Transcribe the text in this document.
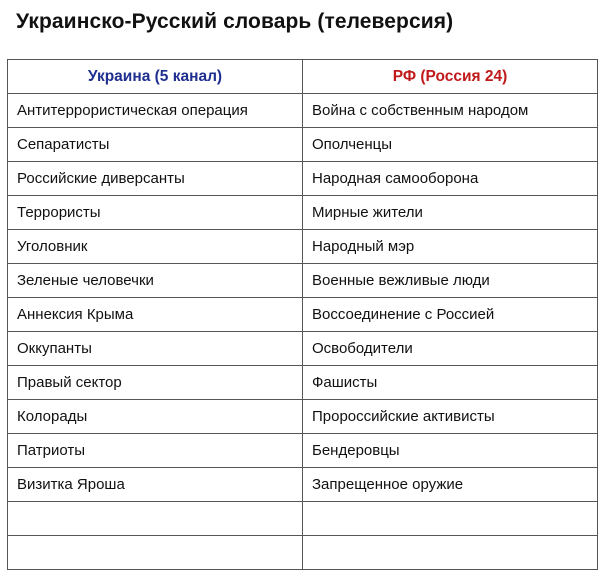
Украинско-Русский словарь (телеверсия)
Украина (5 канал)	РФ (Россия 24)
Антитеррористическая операция	Война с собственным народом
Сепаратисты	Ополченцы
Российские диверсанты	Народная самооборона
Террористы	Мирные жители
Уголовник	Народный мэр
Зеленые человечки	Военные вежливые люди
Аннексия Крыма	Воссоединение с Россией
Оккупанты	Освободители
Правый сектор	Фашисты
Колорады	Пророссийские активисты
Патриоты	Бендеровцы
Визитка Яроша	Запрещенное оружие
